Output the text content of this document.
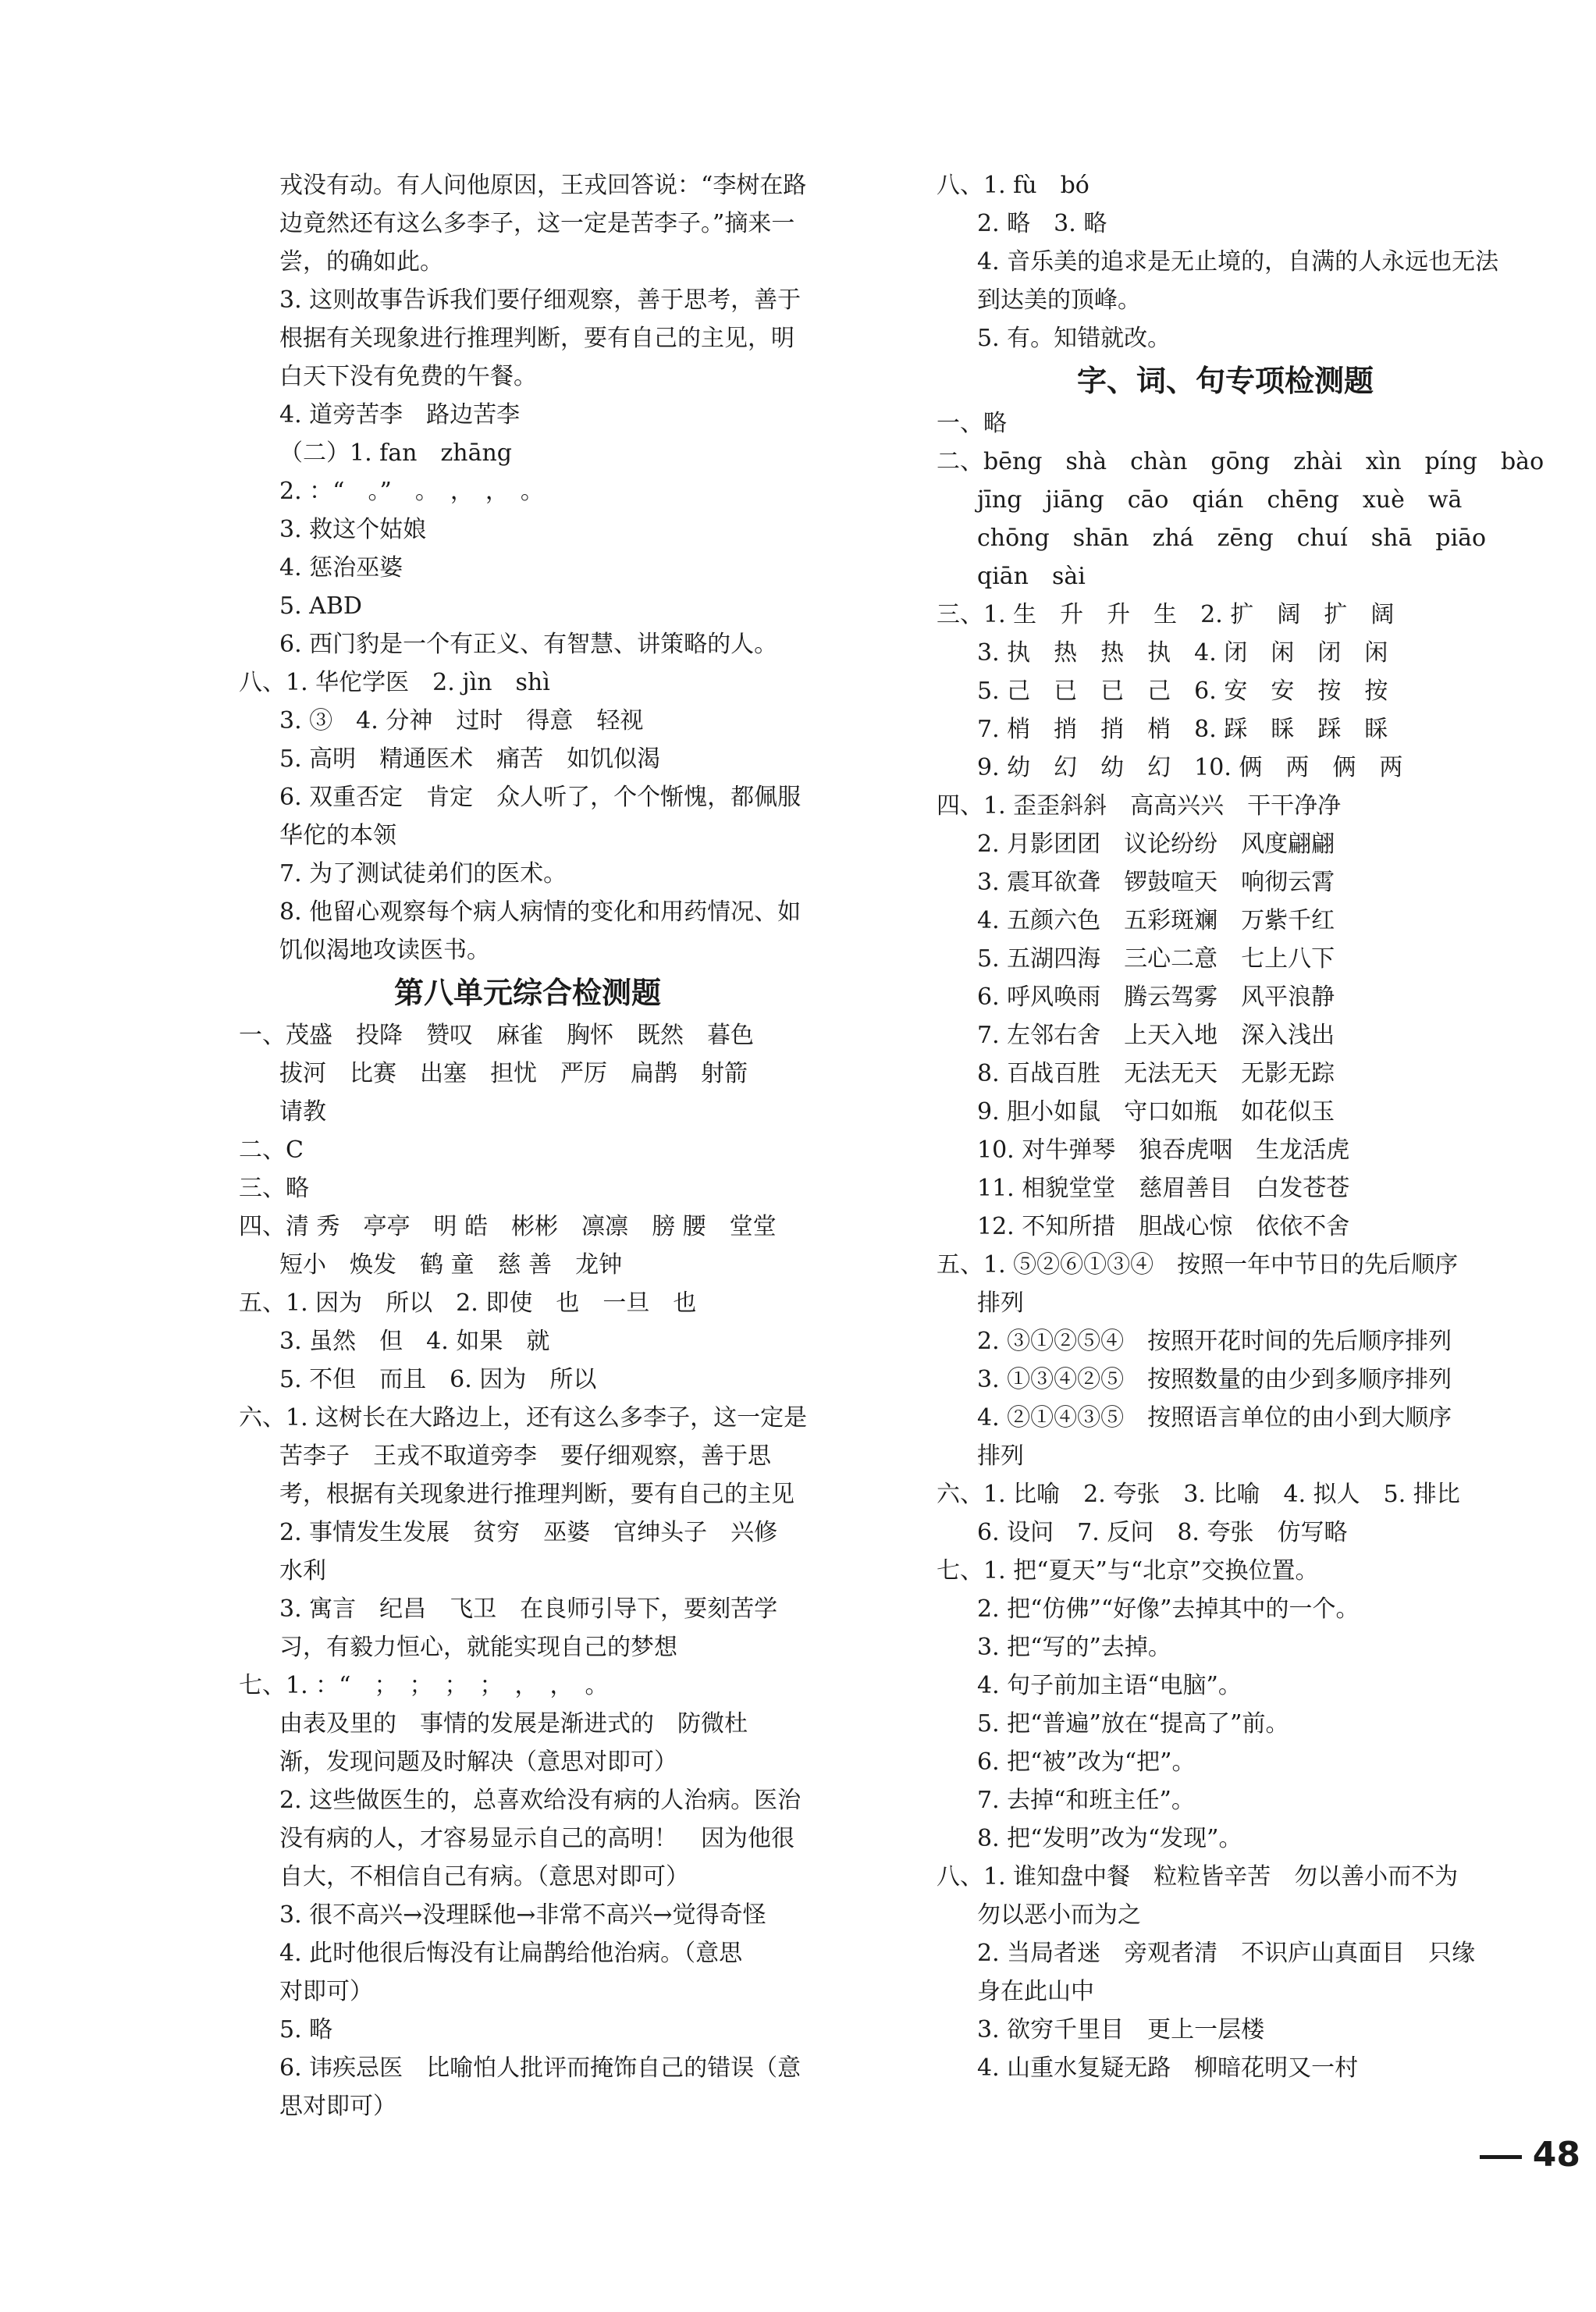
戎没有动。有人问他原因，王戎回答说：“李树在路
边竟然还有这么多李子，这一定是苦李子。”摘来一
尝，的确如此。
3. 这则故事告诉我们要仔细观察，善于思考，善于
根据有关现象进行推理判断，要有自己的主见，明
白天下没有免费的午餐。
4. 道旁苦李　路边苦李
（二）1. fan　zhāng
2. ：“　。”　。　，　，　。
3. 救这个姑娘
4. 惩治巫婆
5. ABD
6. 西门豹是一个有正义、有智慧、讲策略的人。
八、1. 华佗学医　2. jìn　shì
3. ③　4. 分神　过时　得意　轻视
5. 高明　精通医术　痛苦　如饥似渴
6. 双重否定　肯定　众人听了，个个惭愧，都佩服
华佗的本领
7. 为了测试徒弟们的医术。
8. 他留心观察每个病人病情的变化和用药情况、如
饥似渴地攻读医书。
第八单元综合检测题
一、茂盛　投降　赞叹　麻雀　胸怀　既然　暮色
拔河　比赛　出塞　担忧　严厉　扁鹊　射箭
请教
二、C
三、略
四、清 秀　亭亭　明 皓　彬彬　凛凛　膀 腰　堂堂
短小　焕发　鹤 童　慈 善　龙钟
五、1. 因为　所以　2. 即使　也　一旦　也
3. 虽然　但　4. 如果　就
5. 不但　而且　6. 因为　所以
六、1. 这树长在大路边上，还有这么多李子，这一定是
苦李子　王戎不取道旁李　要仔细观察，善于思
考，根据有关现象进行推理判断，要有自己的主见
2. 事情发生发展　贫穷　巫婆　官绅头子　兴修
水利
3. 寓言　纪昌　飞卫　在良师引导下，要刻苦学
习，有毅力恒心，就能实现自己的梦想
七、1. ：“　；　；　；　；　，　，　。
由表及里的　事情的发展是渐进式的　防微杜
渐，发现问题及时解决（意思对即可）
2. 这些做医生的，总喜欢给没有病的人治病。医治
没有病的人，才容易显示自己的高明！　因为他很
自大，不相信自己有病。（意思对即可）
3. 很不高兴→没理睬他→非常不高兴→觉得奇怪
4. 此时他很后悔没有让扁鹊给他治病。（意思
对即可）
5. 略
6. 讳疾忌医　比喻怕人批评而掩饰自己的错误（意
思对即可）
八、1. fù　bó
2. 略　3. 略
4. 音乐美的追求是无止境的，自满的人永远也无法
到达美的顶峰。
5. 有。知错就改。
字、词、句专项检测题
一、略
二、bēng　shà　chàn　gōng　zhài　xìn　píng　bào
jīng　jiāng　cāo　qián　chēng　xuè　wā
chōng　shān　zhá　zēng　chuí　shā　piāo
qiān　sài
三、1. 生　升　升　生　2. 扩　阔　扩　阔
3. 执　热　热　执　4. 闭　闲　闭　闲
5. 己　已　已　己　6. 安　安　按　按
7. 梢　捎　捎　梢　8. 踩　睬　踩　睬
9. 幼　幻　幼　幻　10. 俩　两　俩　两
四、1. 歪歪斜斜　高高兴兴　干干净净
2. 月影团团　议论纷纷　风度翩翩
3. 震耳欲聋　锣鼓喧天　响彻云霄
4. 五颜六色　五彩斑斓　万紫千红
5. 五湖四海　三心二意　七上八下
6. 呼风唤雨　腾云驾雾　风平浪静
7. 左邻右舍　上天入地　深入浅出
8. 百战百胜　无法无天　无影无踪
9. 胆小如鼠　守口如瓶　如花似玉
10. 对牛弹琴　狼吞虎咽　生龙活虎
11. 相貌堂堂　慈眉善目　白发苍苍
12. 不知所措　胆战心惊　依依不舍
五、1. ⑤②⑥①③④　按照一年中节日的先后顺序
排列
2. ③①②⑤④　按照开花时间的先后顺序排列
3. ①③④②⑤　按照数量的由少到多顺序排列
4. ②①④③⑤　按照语言单位的由小到大顺序
排列
六、1. 比喻　2. 夸张　3. 比喻　4. 拟人　5. 排比
6. 设问　7. 反问　8. 夸张　仿写略
七、1. 把“夏天”与“北京”交换位置。
2. 把“仿佛”“好像”去掉其中的一个。
3. 把“写的”去掉。
4. 句子前加主语“电脑”。
5. 把“普遍”放在“提高了”前。
6. 把“被”改为“把”。
7. 去掉“和班主任”。
8. 把“发明”改为“发现”。
八、1. 谁知盘中餐　粒粒皆辛苦　勿以善小而不为
勿以恶小而为之
2. 当局者迷　旁观者清　不识庐山真面目　只缘
身在此山中
3. 欲穷千里目　更上一层楼
4. 山重水复疑无路　柳暗花明又一村
48
